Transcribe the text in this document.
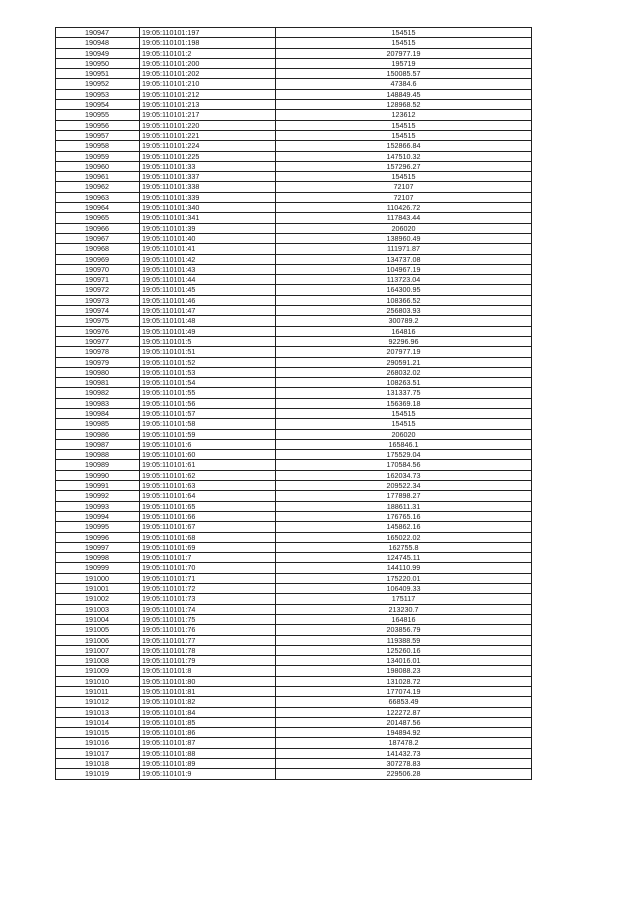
190947	19:05:110101:197	154515
190948	19:05:110101:198	154515
190949	19:05:110101:2	207977.19
190950	19:05:110101:200	195719
190951	19:05:110101:202	150085.57
190952	19:05:110101:210	47384.6
190953	19:05:110101:212	148849.45
190954	19:05:110101:213	128968.52
190955	19:05:110101:217	123612
190956	19:05:110101:220	154515
190957	19:05:110101:221	154515
190958	19:05:110101:224	152866.84
190959	19:05:110101:225	147510.32
190960	19:05:110101:33	157296.27
190961	19:05:110101:337	154515
190962	19:05:110101:338	72107
190963	19:05:110101:339	72107
190964	19:05:110101:340	110426.72
190965	19:05:110101:341	117843.44
190966	19:05:110101:39	206020
190967	19:05:110101:40	138960.49
190968	19:05:110101:41	111971.87
190969	19:05:110101:42	134737.08
190970	19:05:110101:43	104967.19
190971	19:05:110101:44	113723.04
190972	19:05:110101:45	164300.95
190973	19:05:110101:46	108366.52
190974	19:05:110101:47	256803.93
190975	19:05:110101:48	300789.2
190976	19:05:110101:49	164816
190977	19:05:110101:5	92296.96
190978	19:05:110101:51	207977.19
190979	19:05:110101:52	290591.21
190980	19:05:110101:53	268032.02
190981	19:05:110101:54	108263.51
190982	19:05:110101:55	131337.75
190983	19:05:110101:56	156369.18
190984	19:05:110101:57	154515
190985	19:05:110101:58	154515
190986	19:05:110101:59	206020
190987	19:05:110101:6	165846.1
190988	19:05:110101:60	175529.04
190989	19:05:110101:61	170584.56
190990	19:05:110101:62	162034.73
190991	19:05:110101:63	209522.34
190992	19:05:110101:64	177898.27
190993	19:05:110101:65	188611.31
190994	19:05:110101:66	176765.16
190995	19:05:110101:67	145862.16
190996	19:05:110101:68	165022.02
190997	19:05:110101:69	162755.8
190998	19:05:110101:7	124745.11
190999	19:05:110101:70	144110.99
191000	19:05:110101:71	175220.01
191001	19:05:110101:72	106409.33
191002	19:05:110101:73	175117
191003	19:05:110101:74	213230.7
191004	19:05:110101:75	164816
191005	19:05:110101:76	203856.79
191006	19:05:110101:77	119388.59
191007	19:05:110101:78	125260.16
191008	19:05:110101:79	134016.01
191009	19:05:110101:8	198088.23
191010	19:05:110101:80	131028.72
191011	19:05:110101:81	177074.19
191012	19:05:110101:82	66853.49
191013	19:05:110101:84	122272.87
191014	19:05:110101:85	201487.56
191015	19:05:110101:86	194894.92
191016	19:05:110101:87	187478.2
191017	19:05:110101:88	141432.73
191018	19:05:110101:89	307278.83
191019	19:05:110101:9	229506.28
